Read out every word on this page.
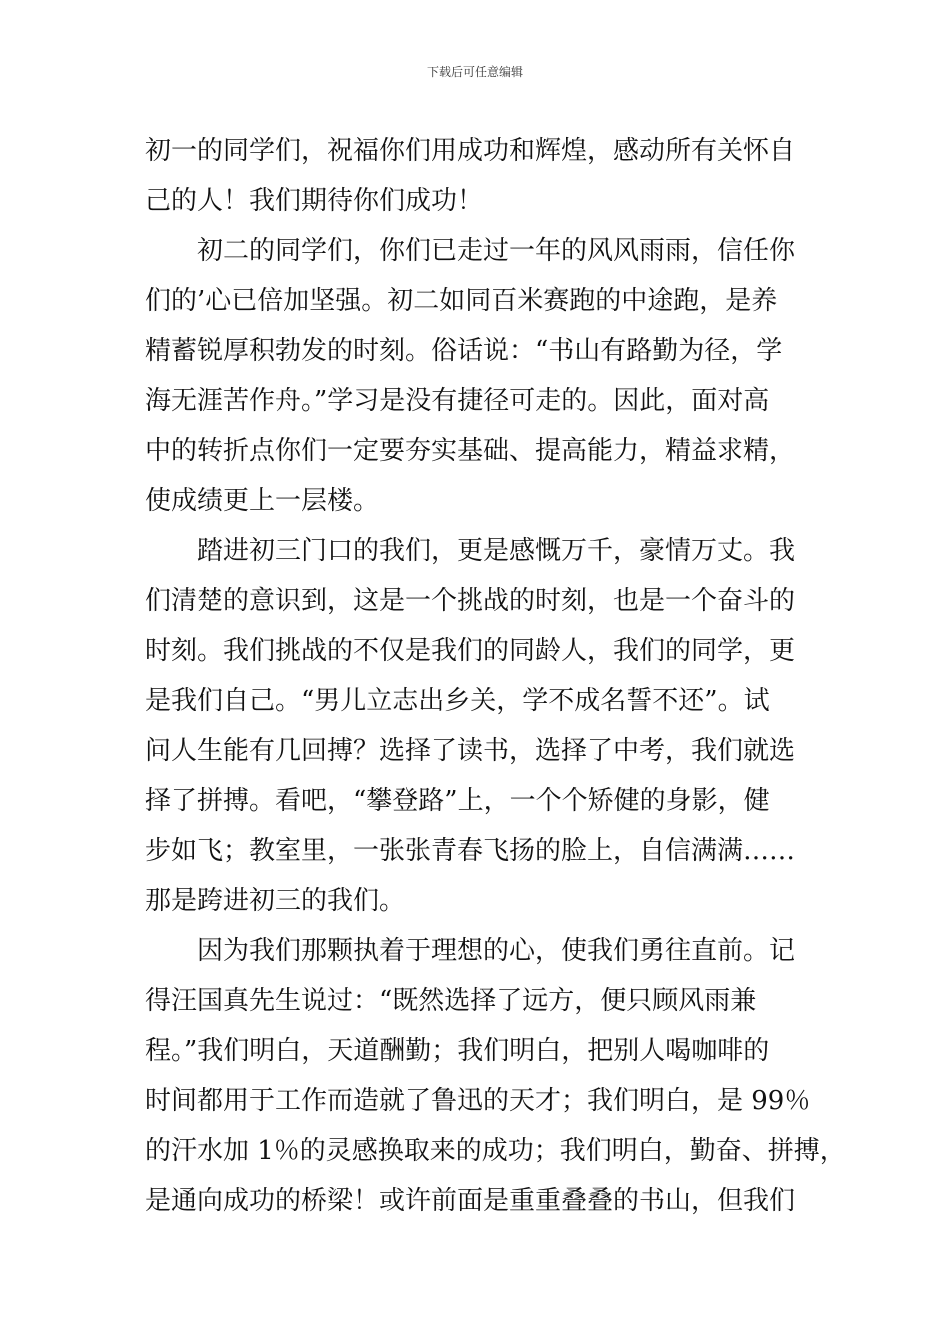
下载后可任意编辑
初一的同学们，祝福你们用成功和辉煌，感动所有关怀自
己的人！我们期待你们成功！
初二的同学们，你们已走过一年的风风雨雨，信任你
们的’心已倍加坚强。初二如同百米赛跑的中途跑，是养
精蓄锐厚积勃发的时刻。俗话说：“书山有路勤为径，学
海无涯苦作舟。”学习是没有捷径可走的。因此，面对高
中的转折点你们一定要夯实基础、提高能力，精益求精，
使成绩更上一层楼。
踏进初三门口的我们，更是感慨万千，豪情万丈。我
们清楚的意识到，这是一个挑战的时刻，也是一个奋斗的
时刻。我们挑战的不仅是我们的同龄人，我们的同学，更
是我们自己。“男儿立志出乡关，学不成名誓不还”。试
问人生能有几回搏？选择了读书，选择了中考，我们就选
择了拼搏。看吧，“攀登路”上，一个个矫健的身影，健
步如飞；教室里，一张张青春飞扬的脸上，自信满满……
那是跨进初三的我们。
因为我们那颗执着于理想的心，使我们勇往直前。记
得汪国真先生说过：“既然选择了远方，便只顾风雨兼
程。”我们明白，天道酬勤；我们明白，把别人喝咖啡的
时间都用于工作而造就了鲁迅的天才；我们明白，是 99％
的汗水加 1％的灵感换取来的成功；我们明白，勤奋、拼搏，
是通向成功的桥梁！或许前面是重重叠叠的书山，但我们
